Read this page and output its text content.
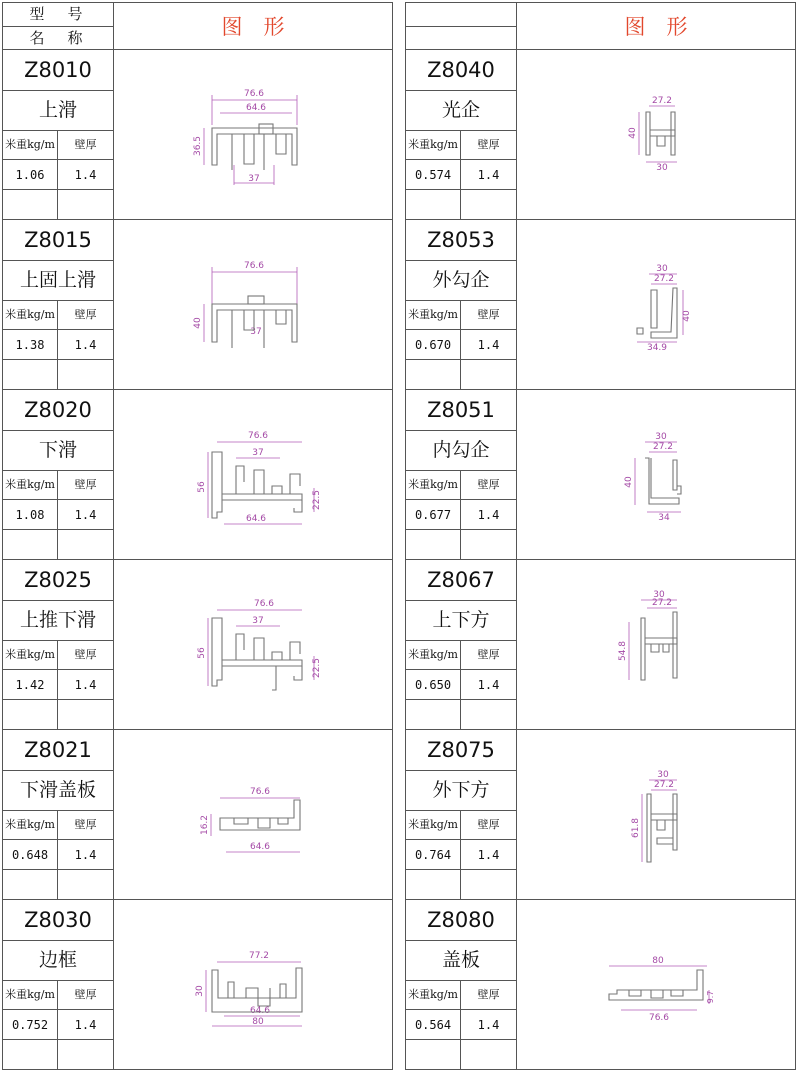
型　号
名　称	图　形
Z8010
上滑
米重kg/m	壁厚
1.06	1.4
76.6
64.6
36.5
37
Z8015
上固上滑
米重kg/m	壁厚
1.38	1.4
76.6
40
37
Z8020
下滑
米重kg/m	壁厚
1.08	1.4
76.6
37
56
22.5
64.6
Z8025
上推下滑
米重kg/m	壁厚
1.42	1.4
76.6
37
56
22.5
Z8021
下滑盖板
米重kg/m	壁厚
0.648	1.4
76.6
16.2
64.6
Z8030
边框
米重kg/m	壁厚
0.752	1.4
77.2
30
64.6
80
图　形
Z8040
光企
米重kg/m	壁厚
0.574	1.4
27.2
40
30
Z8053
外勾企
米重kg/m	壁厚
0.670	1.4
30
27.2
40
34.9
Z8051
内勾企
米重kg/m	壁厚
0.677	1.4
30
27.2
40
34
Z8067
上下方
米重kg/m	壁厚
0.650	1.4
30
27.2
54.8
Z8075
外下方
米重kg/m	壁厚
0.764	1.4
30
27.2
61.8
Z8080
盖板
米重kg/m	壁厚
0.564	1.4
80
9.7
76.6
